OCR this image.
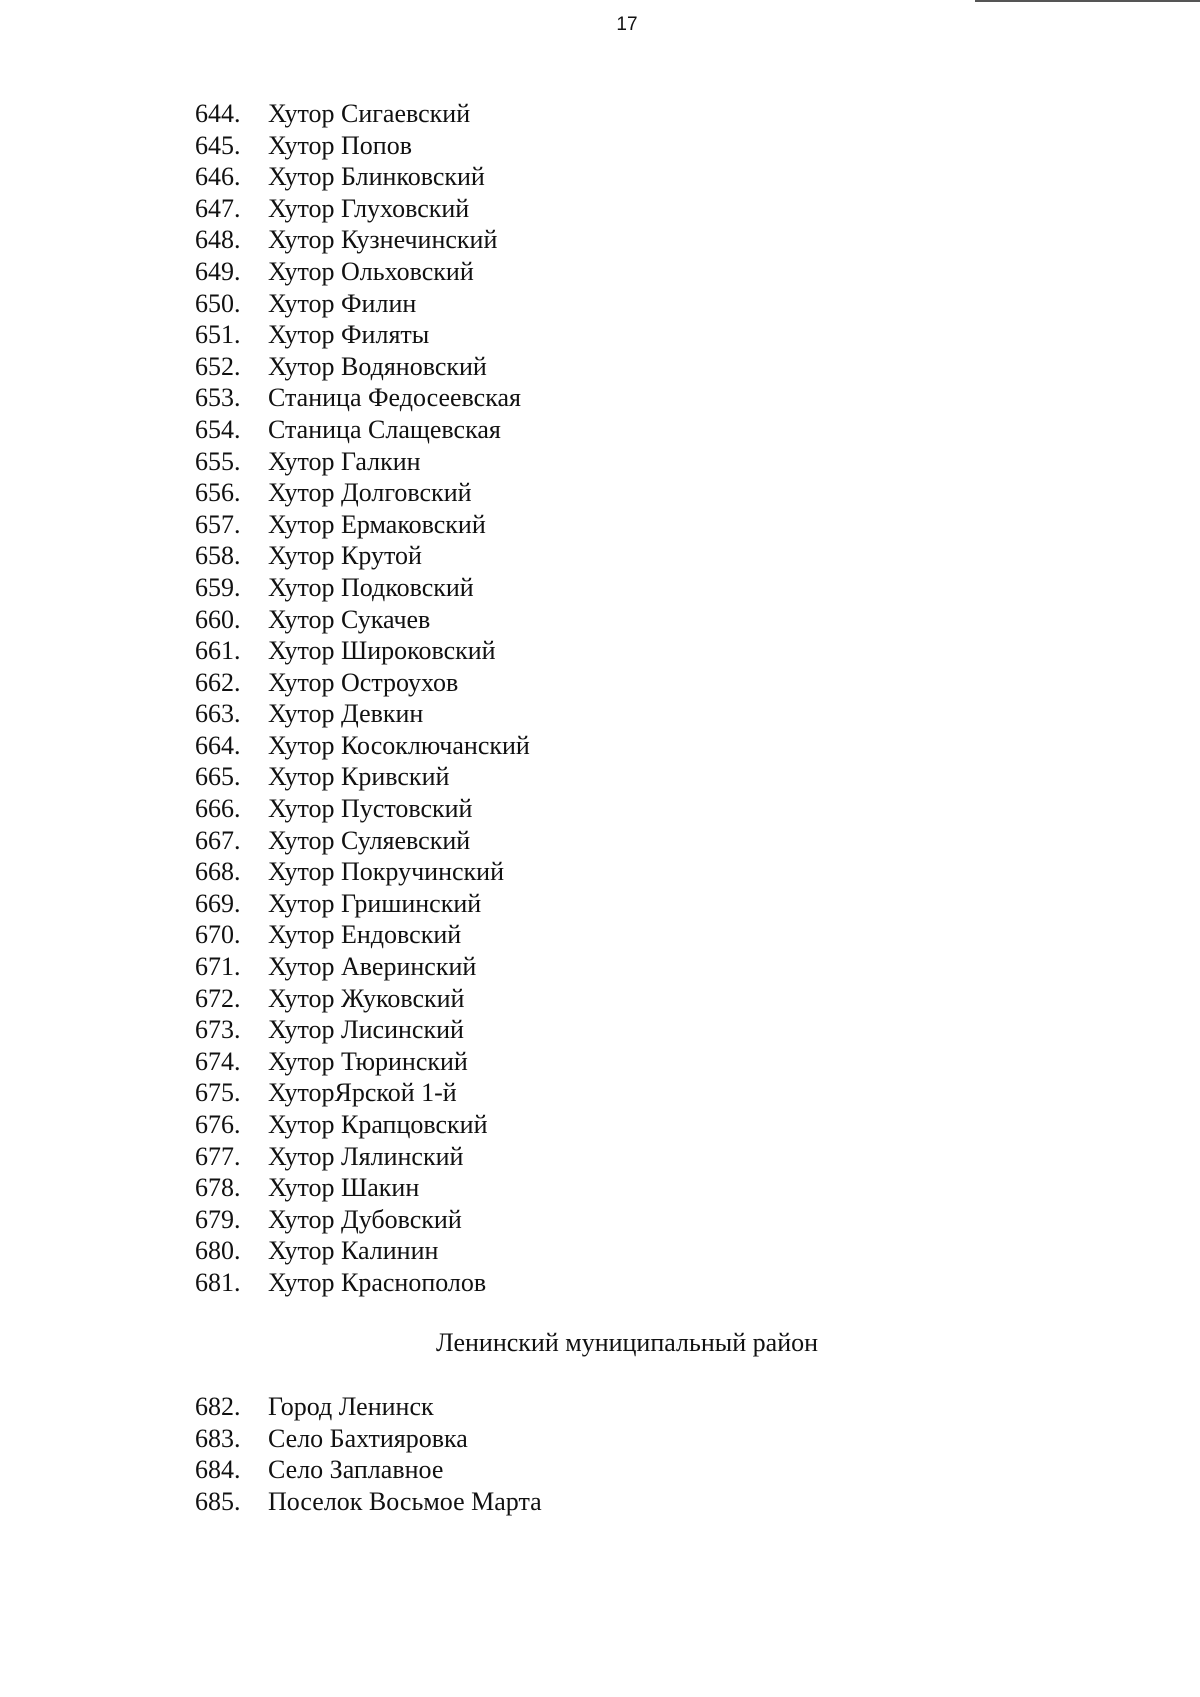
17
644.	Хутор Сигаевский
645.	Хутор Попов
646.	Хутор Блинковский
647.	Хутор Глуховский
648.	Хутор Кузнечинский
649.	Хутор Ольховский
650.	Хутор Филин
651.	Хутор Филяты
652.	Хутор Водяновский
653.	Станица Федосеевская
654.	Станица Слащевская
655.	Хутор Галкин
656.	Хутор Долговский
657.	Хутор Ермаковский
658.	Хутор Крутой
659.	Хутор Подковский
660.	Хутор Сукачев
661.	Хутор Широковский
662.	Хутор Остроухов
663.	Хутор Девкин
664.	Хутор Косоключанский
665.	Хутор Кривский
666.	Хутор Пустовский
667.	Хутор Суляевский
668.	Хутор Покручинский
669.	Хутор Гришинский
670.	Хутор Ендовский
671.	Хутор Аверинский
672.	Хутор Жуковский
673.	Хутор Лисинский
674.	Хутор Тюринский
675.	ХуторЯрской 1-й
676.	Хутор Крапцовский
677.	Хутор Лялинский
678.	Хутор Шакин
679.	Хутор Дубовский
680.	Хутор Калинин
681.	Хутор Краснополов
Ленинский муниципальный район
682.	Город Ленинск
683.	Село Бахтияровка
684.	Село Заплавное
685.	Поселок Восьмое Марта
